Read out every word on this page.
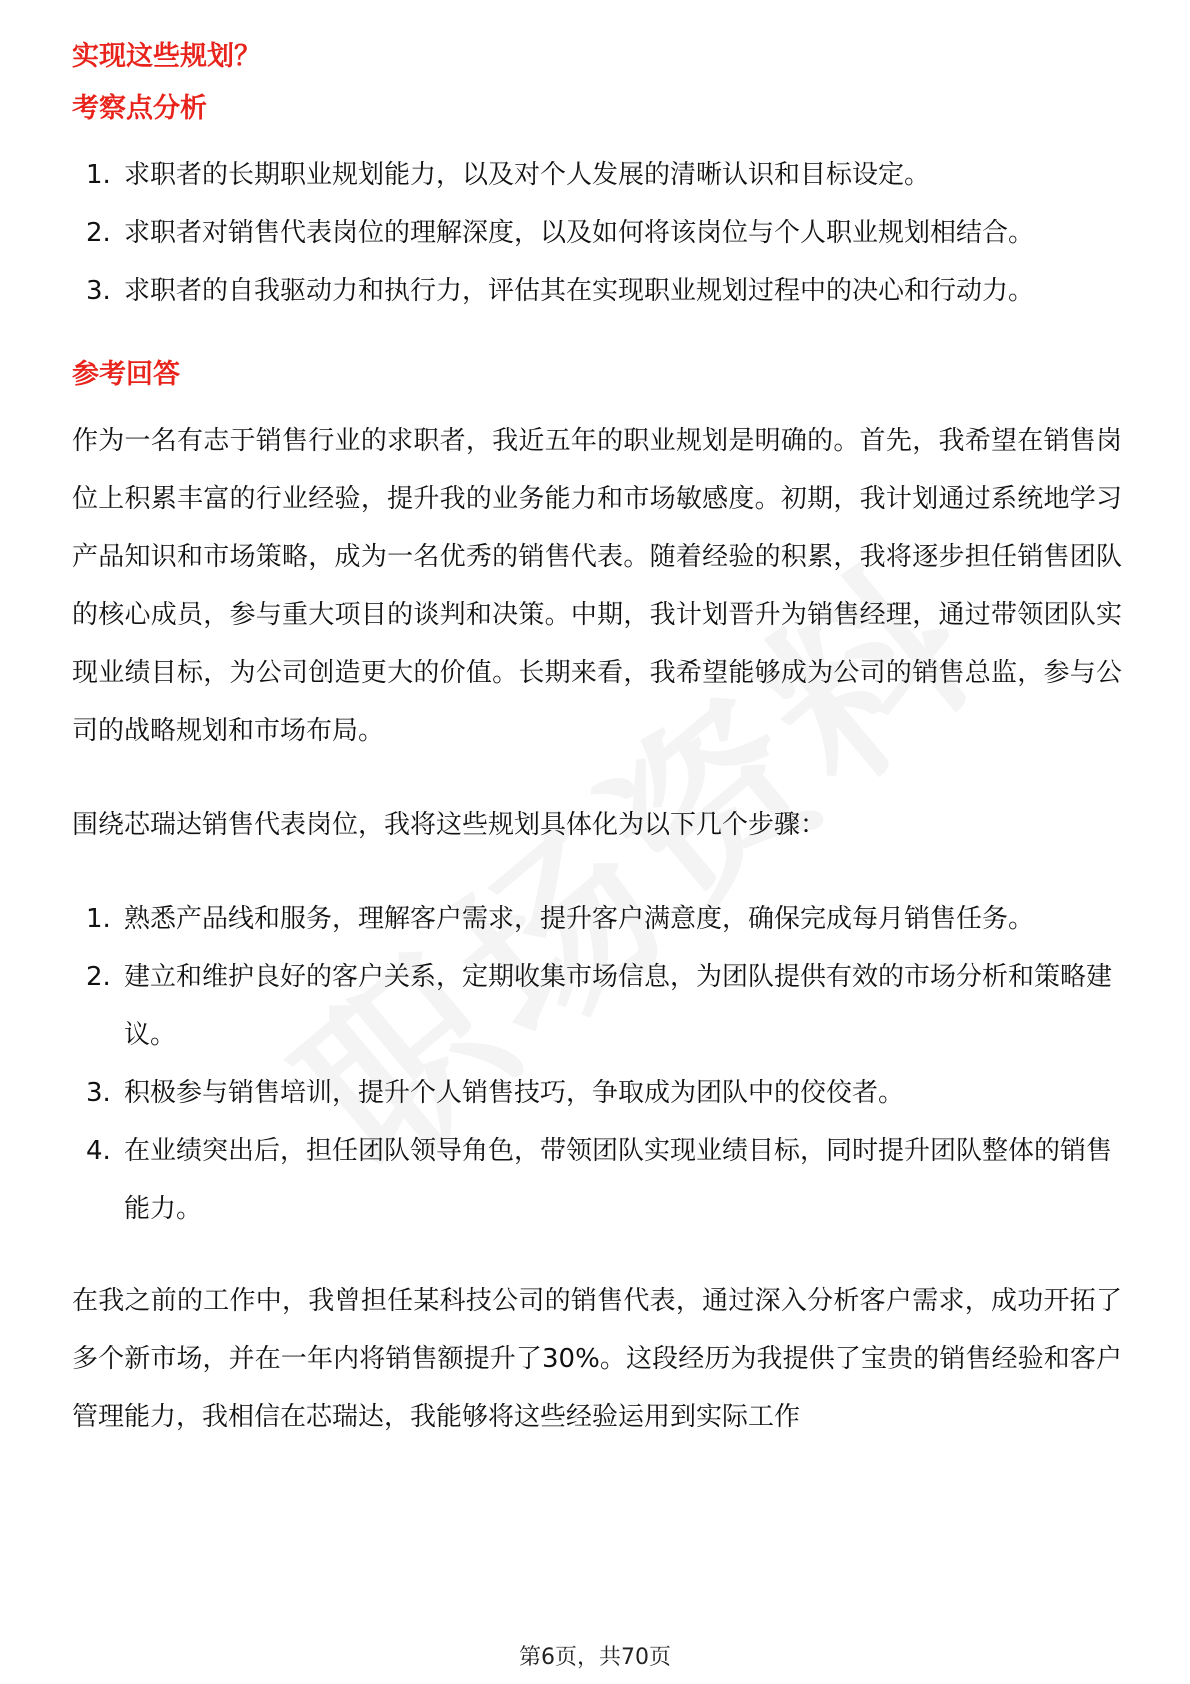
实现这些规划？
考察点分析
1. 求职者的长期职业规划能力，以及对个人发展的清晰认识和目标设定。
2. 求职者对销售代表岗位的理解深度，以及如何将该岗位与个人职业规划相结合。
3. 求职者的自我驱动力和执行力，评估其在实现职业规划过程中的决心和行动力。
参考回答

作为一名有志于销售行业的求职者，我近五年的职业规划是明确的。首先，我希望在销售岗位上积累丰富的行业经验，提升我的业务能力和市场敏感度。初期，我计划通过系统地学习产品知识和市场策略，成为一名优秀的销售代表。随着经验的积累，我将逐步担任销售团队的核心成员，参与重大项目的谈判和决策。中期，我计划晋升为销售经理，通过带领团队实现业绩目标，为公司创造更大的价值。长期来看，我希望能够成为公司的销售总监，参与公司的战略规划和市场布局。

围绕芯瑞达销售代表岗位，我将这些规划具体化为以下几个步骤：

1. 熟悉产品线和服务，理解客户需求，提升客户满意度，确保完成每月销售任务。
2. 建立和维护良好的客户关系，定期收集市场信息，为团队提供有效的市场分析和策略建议。
3. 积极参与销售培训，提升个人销售技巧，争取成为团队中的佼佼者。
4. 在业绩突出后，担任团队领导角色，带领团队实现业绩目标，同时提升团队整体的销售能力。

在我之前的工作中，我曾担任某科技公司的销售代表，通过深入分析客户需求，成功开拓了多个新市场，并在一年内将销售额提升了30%。这段经历为我提供了宝贵的销售经验和客户管理能力，我相信在芯瑞达，我能够将这些经验运用到实际工作

第6页，共70页
